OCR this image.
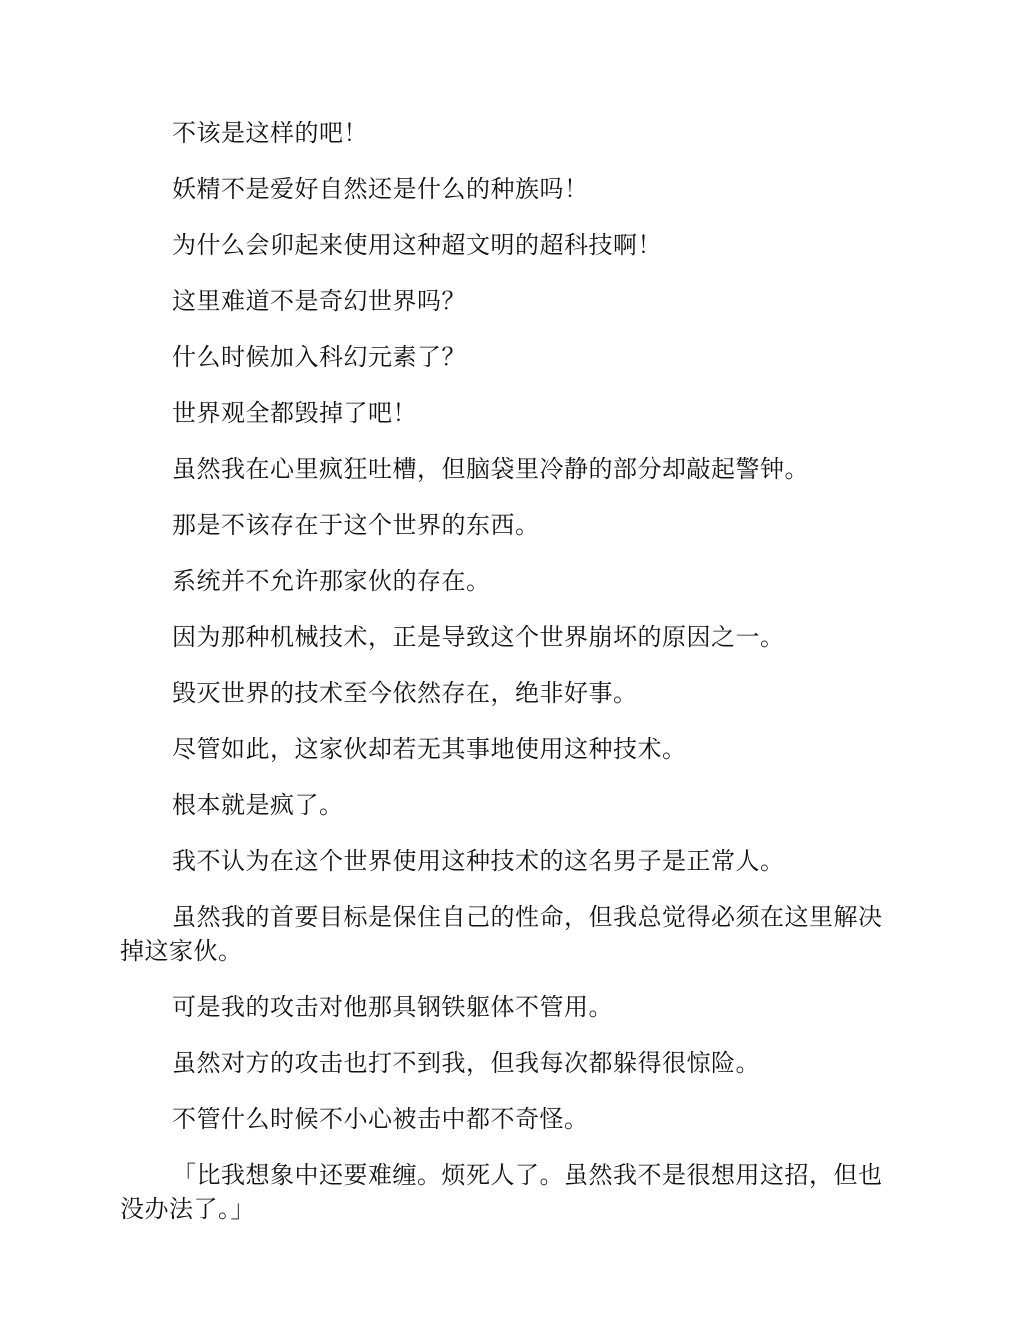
不该是这样的吧！

妖精不是爱好自然还是什么的种族吗！

为什么会卯起来使用这种超文明的超科技啊！

这里难道不是奇幻世界吗？

什么时候加入科幻元素了？

世界观全都毁掉了吧！

虽然我在心里疯狂吐槽，但脑袋里冷静的部分却敲起警钟。

那是不该存在于这个世界的东西。

系统并不允许那家伙的存在。

因为那种机械技术，正是导致这个世界崩坏的原因之一。

毁灭世界的技术至今依然存在，绝非好事。

尽管如此，这家伙却若无其事地使用这种技术。

根本就是疯了。

我不认为在这个世界使用这种技术的这名男子是正常人。

虽然我的首要目标是保住自己的性命，但我总觉得必须在这里解决掉这家伙。

可是我的攻击对他那具钢铁躯体不管用。

虽然对方的攻击也打不到我，但我每次都躲得很惊险。

不管什么时候不小心被击中都不奇怪。

「比我想象中还要难缠。烦死人了。虽然我不是很想用这招，但也没办法了。」
